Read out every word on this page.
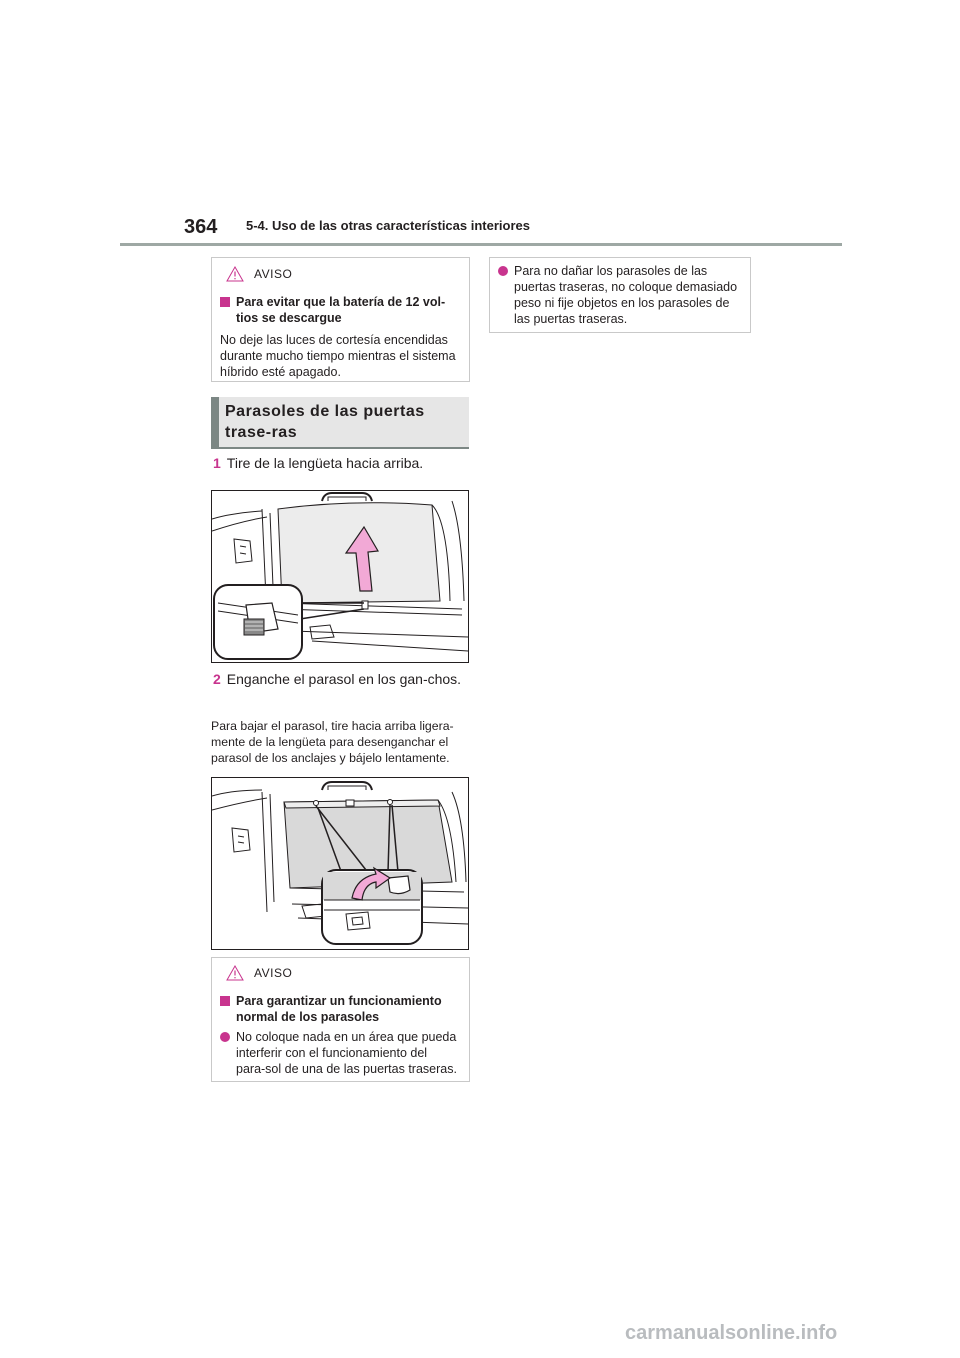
364 5-4. Uso de las otras características interiores
AVISO
Para evitar que la batería de 12 vol-tios se descargue
No deje las luces de cortesía encendidas durante mucho tiempo mientras el sistema híbrido esté apagado.
Parasoles de las puertas trase-ras
1 Tire de la lengüeta hacia arriba.
2 Enganche el parasol en los gan-chos.
Para bajar el parasol, tire hacia arriba ligera-mente de la lengüeta para desenganchar el parasol de los anclajes y bájelo lentamente.
AVISO
Para garantizar un funcionamiento normal de los parasoles
No coloque nada en un área que pueda interferir con el funcionamiento del para-sol de una de las puertas traseras.
Para no dañar los parasoles de las puertas traseras, no coloque demasiado peso ni fije objetos en los parasoles de las puertas traseras.
carmanualsonline.info
